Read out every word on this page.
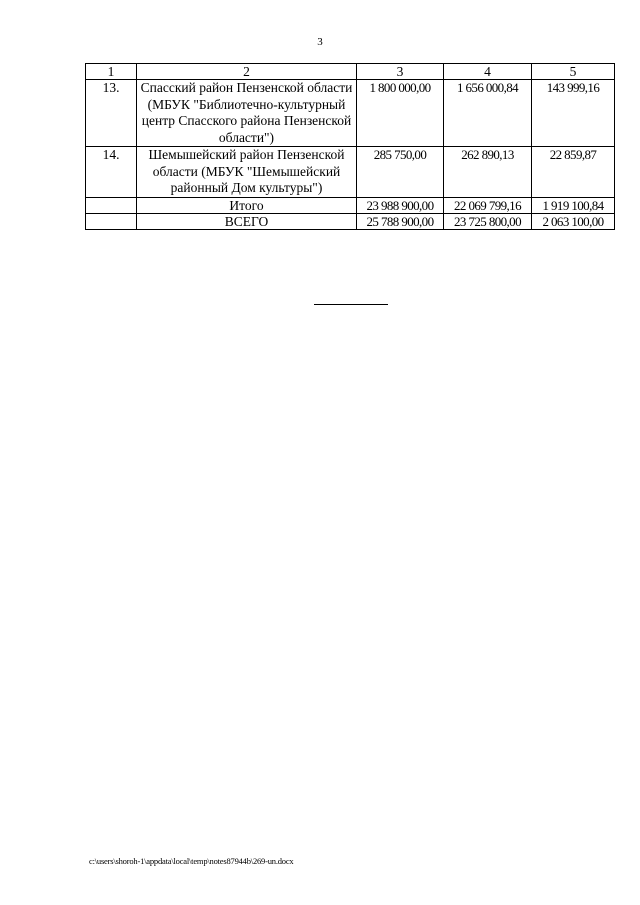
3
1	2	3	4	5
13.	Спасский район Пензенской области (МБУК "Библиотечно-культурный центр Спасского района Пензенской области")	1 800 000,00	1 656 000,84	143 999,16
14.	Шемышейский район Пензенской области (МБУК "Шемышейский районный Дом культуры")	285 750,00	262 890,13	22 859,87
	Итого	23 988 900,00	22 069 799,16	1 919 100,84
	ВСЕГО	25 788 900,00	23 725 800,00	2 063 100,00
c:\users\shoroh-1\appdata\local\temp\notes87944b\269-un.docx
